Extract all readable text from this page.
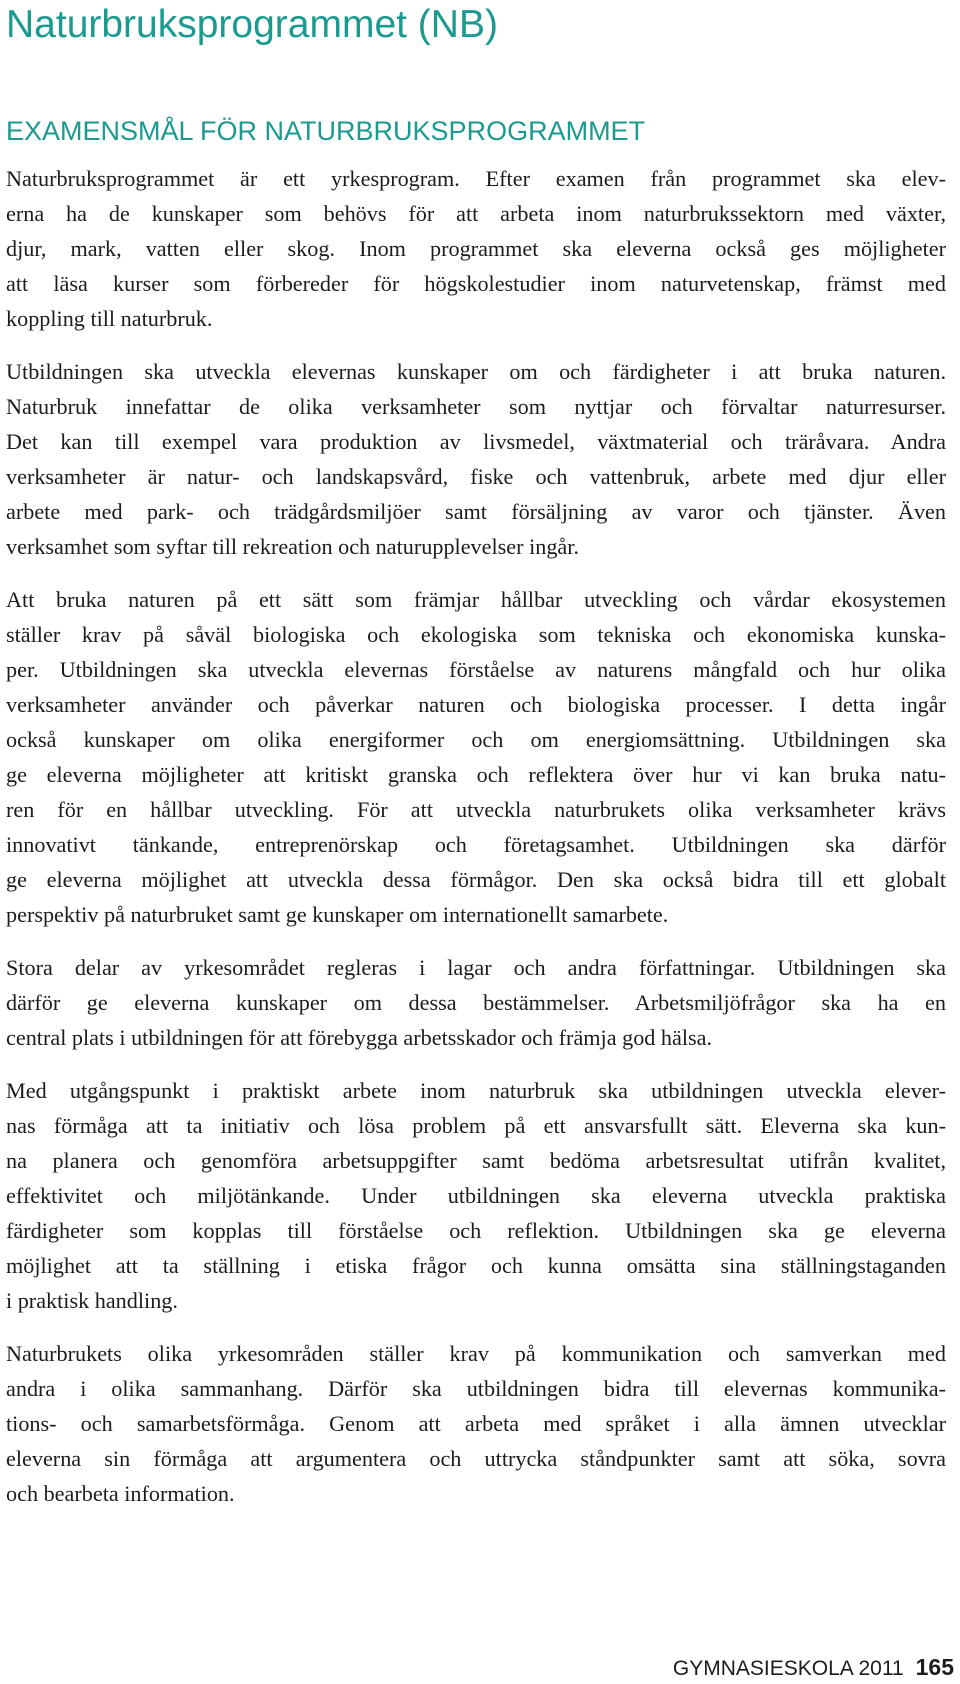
Naturbruksprogrammet (NB)
EXAMENSMÅL FÖR NATURBRUKSPROGRAMMET

Naturbruksprogrammet är ett yrkesprogram. Efter examen från programmet ska elev-
erna ha de kunskaper som behövs för att arbeta inom naturbrukssektorn med växter,
djur, mark, vatten eller skog. Inom programmet ska eleverna också ges möjligheter
att läsa kurser som förbereder för högskolestudier inom naturvetenskap, främst med
koppling till naturbruk.

Utbildningen ska utveckla elevernas kunskaper om och färdigheter i att bruka naturen.
Naturbruk innefattar de olika verksamheter som nyttjar och förvaltar naturresurser.
Det kan till exempel vara produktion av livsmedel, växtmaterial och träråvara. Andra
verksamheter är natur- och landskapsvård, fiske och vattenbruk, arbete med djur eller
arbete med park- och trädgårdsmiljöer samt försäljning av varor och tjänster. Även
verksamhet som syftar till rekreation och naturupplevelser ingår.

Att bruka naturen på ett sätt som främjar hållbar utveckling och vårdar ekosystemen
ställer krav på såväl biologiska och ekologiska som tekniska och ekonomiska kunska-
per. Utbildningen ska utveckla elevernas förståelse av naturens mångfald och hur olika
verksamheter använder och påverkar naturen och biologiska processer. I detta ingår
också kunskaper om olika energiformer och om energiomsättning. Utbildningen ska
ge eleverna möjligheter att kritiskt granska och reflektera över hur vi kan bruka natu-
ren för en hållbar utveckling. För att utveckla naturbrukets olika verksamheter krävs
innovativt tänkande, entreprenörskap och företagsamhet. Utbildningen ska därför
ge eleverna möjlighet att utveckla dessa förmågor. Den ska också bidra till ett globalt
perspektiv på naturbruket samt ge kunskaper om internationellt samarbete.

Stora delar av yrkesområdet regleras i lagar och andra författningar. Utbildningen ska
därför ge eleverna kunskaper om dessa bestämmelser. Arbetsmiljöfrågor ska ha en
central plats i utbildningen för att förebygga arbetsskador och främja god hälsa.

Med utgångspunkt i praktiskt arbete inom naturbruk ska utbildningen utveckla elever-
nas förmåga att ta initiativ och lösa problem på ett ansvarsfullt sätt. Eleverna ska kun-
na planera och genomföra arbetsuppgifter samt bedöma arbetsresultat utifrån kvalitet,
effektivitet och miljötänkande. Under utbildningen ska eleverna utveckla praktiska
färdigheter som kopplas till förståelse och reflektion. Utbildningen ska ge eleverna
möjlighet att ta ställning i etiska frågor och kunna omsätta sina ställningstaganden
i praktisk handling.

Naturbrukets olika yrkesområden ställer krav på kommunikation och samverkan med
andra i olika sammanhang. Därför ska utbildningen bidra till elevernas kommunika-
tions- och samarbetsförmåga. Genom att arbeta med språket i alla ämnen utvecklar
eleverna sin förmåga att argumentera och uttrycka ståndpunkter samt att söka, sovra
och bearbeta information.

GYMNASIESKOLA 2011 165
